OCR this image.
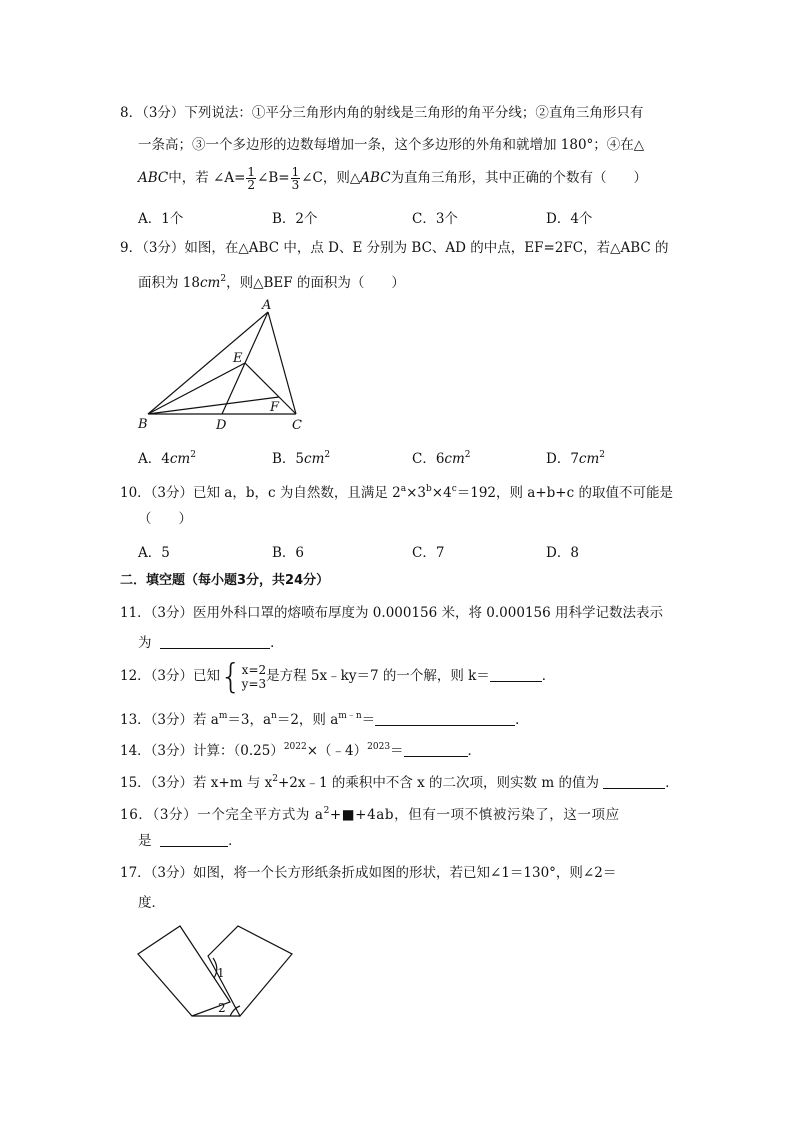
8．（3分）下列说法：①平分三角形内角的射线是三角形的角平分线；②直角三角形只有
一条高；③一个多边形的边数每增加一条，这个多边形的外角和就增加 180°；④在△
ABC中，若 ∠A= $\frac{1}{2}$ ∠B= $\frac{1}{3}$ ∠C，则△ABC为直角三角形，其中正确的个数有（　　）
A．1个	B．2个	C．3个	D．4个
9．（3分）如图，在△ABC 中，点 D、E 分别为 BC、AD 的中点，EF=2FC，若△ABC 的
面积为 $18cm^2$，则△BEF 的面积为（　　）
A
B	C
D
E
F
A．$4cm^2$	B．$5cm^2$	C．$6cm^2$	D．$7cm^2$
10．（3分）已知 a，b，c 为自然数，且满足 $2^a\times 3^b\times 4^c=192$，则 a+b+c 的取值不可能是
（　　）
A．5	B．6	C．7	D．8
二．填空题（每小题3分，共24分）
11．（3分）医用外科口罩的熔喷布厚度为 0.000156 米，将 0.000156 用科学记数法表示
为	．
12．（3分）已知{ x=2
y=3 是方程 5x﹣ky＝7 的一个解，则 k＝	．
13．（3分）若 $a^m=3$，$a^n=2$，则 $a^{m﹣n}=$	．
14．（3分）计算：$(0.25)^{2022}\times(﹣4)^{2023}=$	．
15．（3分）若 x+m 与 $x^2+2x﹣1$ 的乘积中不含 x 的二次项，则实数 m 的值为	．
16．（3分）一个完全平方式为 $a^2+■+4ab$，但有一项不慎被污染了，这一项应
是	．
17．（3分）如图，将一个长方形纸条折成如图的形状，若已知∠1＝130°，则∠2＝
度．
1
2
